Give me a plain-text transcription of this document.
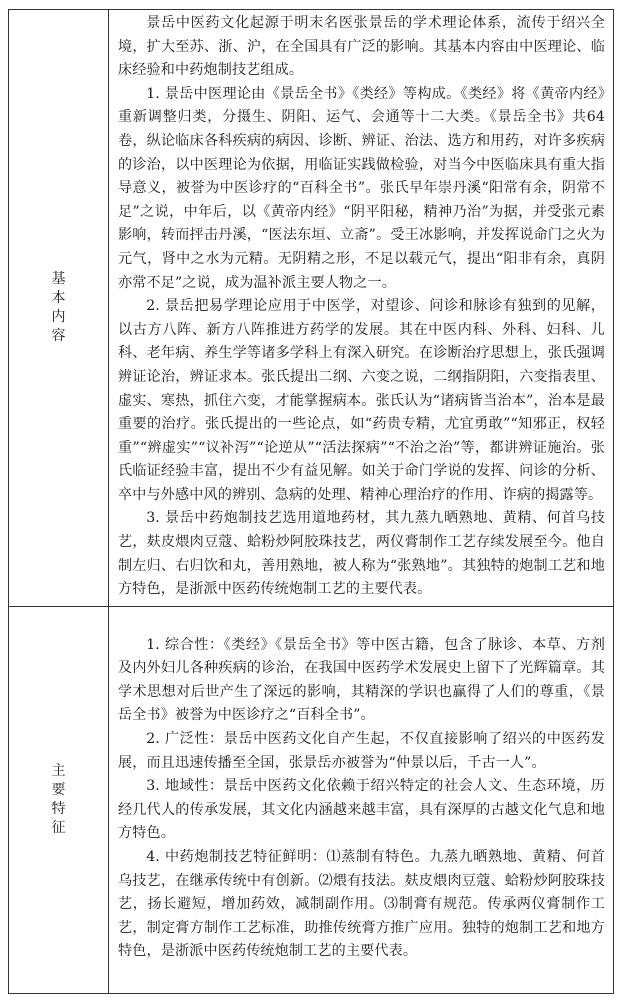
基本内容	景岳中医药文化起源于明末名医张景岳的学术理论体系，流传于绍兴全境，扩大至苏、浙、沪，在全国具有广泛的影响。其基本内容由中医理论、临床经验和中药炮制技艺组成。

1. 景岳中医理论由《景岳全书》《类经》等构成。《类经》将《黄帝内经》重新调整归类，分摄生、阴阳、运气、会通等十二大类。《景岳全书》共64卷，纵论临床各科疾病的病因、诊断、辨证、治法、选方和用药，对许多疾病的诊治，以中医理论为依据，用临证实践做检验，对当今中医临床具有重大指导意义，被誉为中医诊疗的“百科全书”。张氏早年崇丹溪“阳常有余，阴常不足”之说，中年后，以《黄帝内经》“阴平阳秘，精神乃治”为据，并受张元素影响，转而抨击丹溪，“医法东垣、立斋”。受王冰影响，并发挥说命门之火为元气，肾中之水为元精。无阴精之形，不足以载元气，提出“阳非有余，真阴亦常不足”之说，成为温补派主要人物之一。

2. 景岳把易学理论应用于中医学，对望诊、问诊和脉诊有独到的见解，以古方八阵、新方八阵推进方药学的发展。其在中医内科、外科、妇科、儿科、老年病、养生学等诸多学科上有深入研究。在诊断治疗思想上，张氏强调辨证论治，辨证求本。张氏提出二纲、六变之说，二纲指阴阳，六变指表里、虚实、寒热，抓住六变，才能掌握病本。张氏认为“诸病皆当治本”，治本是最重要的治疗。张氏提出的一些论点，如“药贵专精，尤宜勇敢”“知邪正，权轻重”“辨虚实”“议补泻”“论逆从”“活法探病”“不治之治”等，都讲辨证施治。张氏临证经验丰富，提出不少有益见解。如关于命门学说的发挥、问诊的分析、卒中与外感中风的辨别、急病的处理、精神心理治疗的作用、诈病的揭露等。

3. 景岳中药炮制技艺选用道地药材，其九蒸九晒熟地、黄精、何首乌技艺，麸皮煨肉豆蔻、蛤粉炒阿胶珠技艺，两仪膏制作工艺存续发展至今。他自制左归、右归饮和丸，善用熟地，被人称为“张熟地”。其独特的炮制工艺和地方特色，是浙派中医药传统炮制工艺的主要代表。

主要特征	1. 综合性：《类经》《景岳全书》等中医古籍，包含了脉诊、本草、方剂及内外妇儿各种疾病的诊治，在我国中医药学术发展史上留下了光辉篇章。其学术思想对后世产生了深远的影响，其精深的学识也赢得了人们的尊重，《景岳全书》被誉为中医诊疗之“百科全书”。

2. 广泛性：景岳中医药文化自产生起，不仅直接影响了绍兴的中医药发展，而且迅速传播至全国，张景岳亦被誉为“仲景以后，千古一人”。

3. 地域性：景岳中医药文化依赖于绍兴特定的社会人文、生态环境，历经几代人的传承发展，其文化内涵越来越丰富，具有深厚的古越文化气息和地方特色。

4. 中药炮制技艺特征鲜明：⑴蒸制有特色。九蒸九晒熟地、黄精、何首乌技艺，在继承传统中有创新。⑵煨有技法。麸皮煨肉豆蔻、蛤粉炒阿胶珠技艺，扬长避短，增加药效，减制副作用。⑶制膏有规范。传承两仪膏制作工艺，制定膏方制作工艺标准，助推传统膏方推广应用。独特的炮制工艺和地方特色，是浙派中医药传统炮制工艺的主要代表。
